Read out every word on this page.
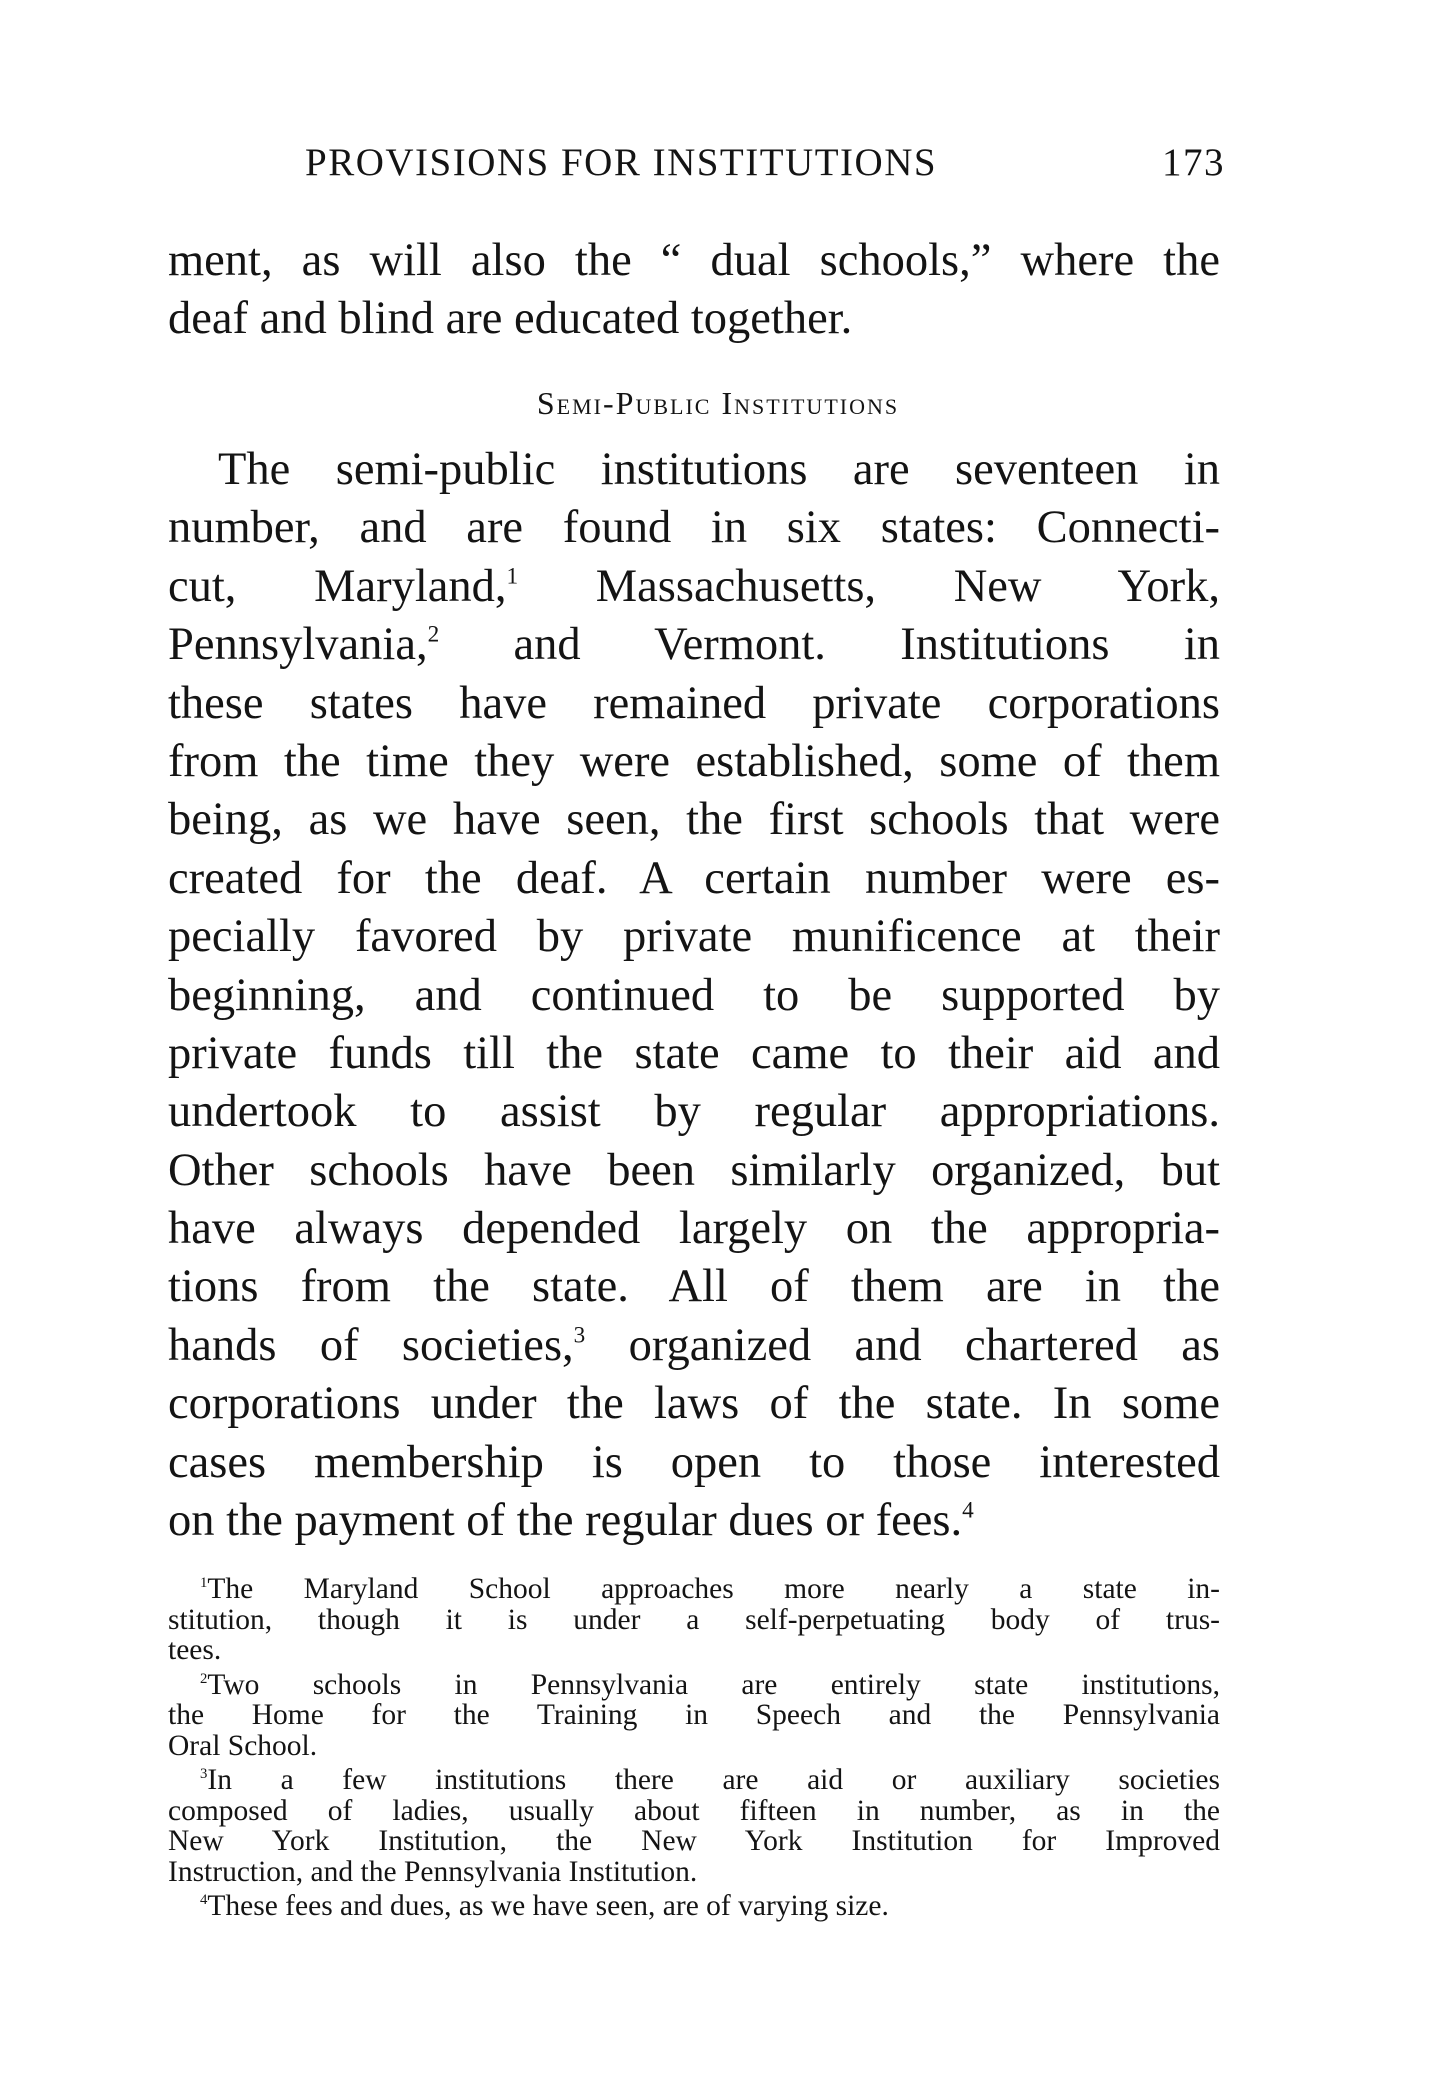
PROVISIONS FOR INSTITUTIONS	173
ment, as will also the “ dual schools,” where the
deaf and blind are educated together.
Semi-Public Institutions
The semi-public institutions are seventeen in
number, and are found in six states: Connecti-
cut, Maryland,$^1$ Massachusetts, New York,
Pennsylvania,$^2$ and Vermont. Institutions in
these states have remained private corporations
from the time they were established, some of them
being, as we have seen, the first schools that were
created for the deaf. A certain number were es-
pecially favored by private munificence at their
beginning, and continued to be supported by
private funds till the state came to their aid and
undertook to assist by regular appropriations.
Other schools have been similarly organized, but
have always depended largely on the appropria-
tions from the state. All of them are in the
hands of societies,$^3$ organized and chartered as
corporations under the laws of the state. In some
cases membership is open to those interested
on the payment of the regular dues or fees.$^4$
$^1$The Maryland School approaches more nearly a state in-
stitution, though it is under a self-perpetuating body of trus-
tees.
$^2$Two schools in Pennsylvania are entirely state institutions,
the Home for the Training in Speech and the Pennsylvania
Oral School.
$^3$In a few institutions there are aid or auxiliary societies
composed of ladies, usually about fifteen in number, as in the
New York Institution, the New York Institution for Improved
Instruction, and the Pennsylvania Institution.
$^4$These fees and dues, as we have seen, are of varying size.
